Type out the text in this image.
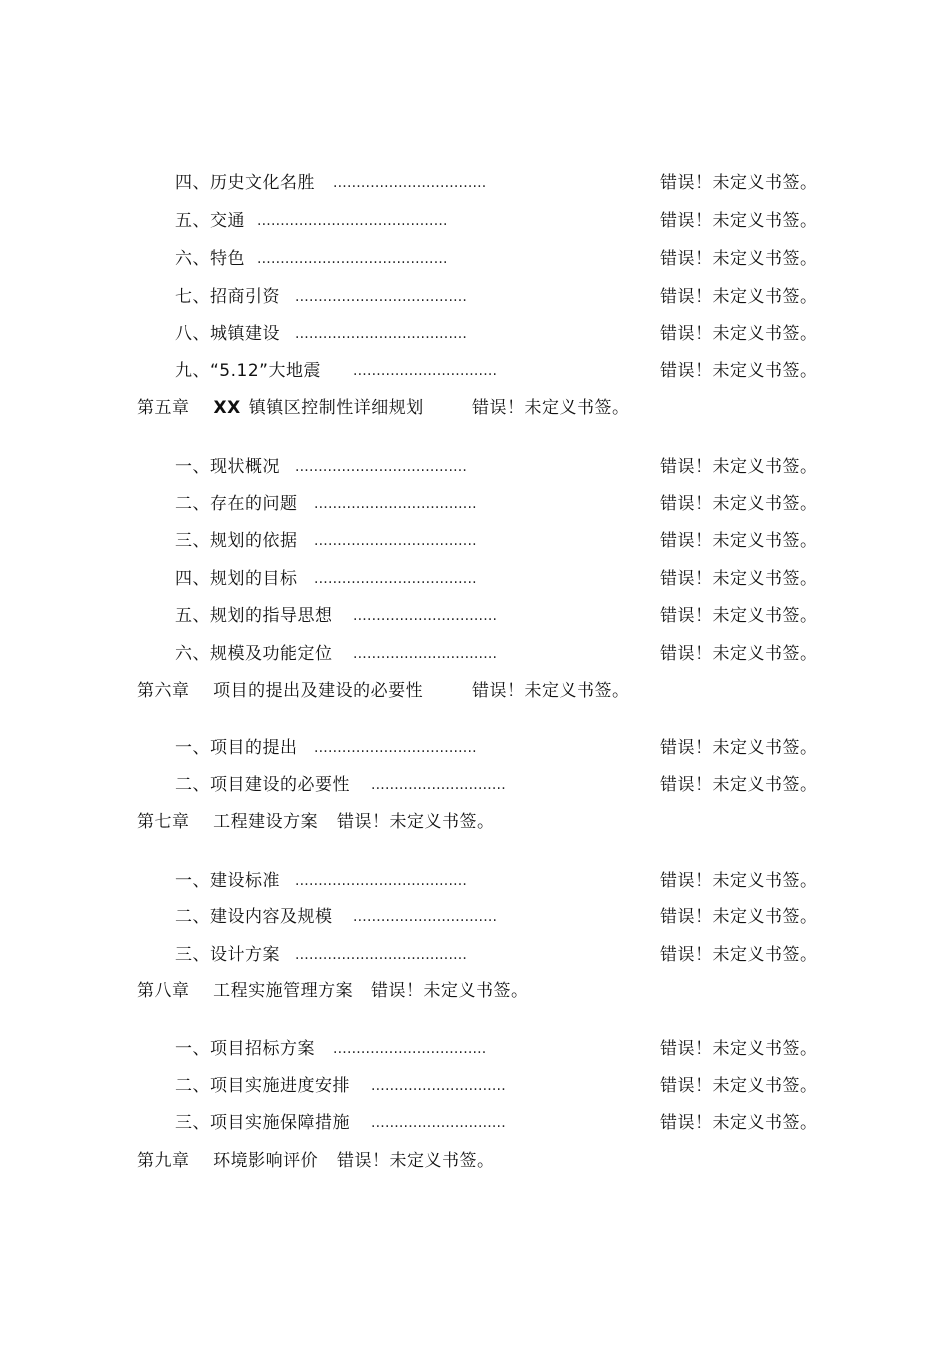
四、历史文化名胜 .................................	错误！未定义书签。
五、交通 .........................................	错误！未定义书签。
六、特色 .........................................	错误！未定义书签。
七、招商引资 .....................................	错误！未定义书签。
八、城镇建设 .....................................	错误！未定义书签。
九、“5.12”大地震 ...............................	错误！未定义书签。
第五章 XX 镇镇区控制性详细规划	错误！未定义书签。
一、现状概况 .....................................	错误！未定义书签。
二、存在的问题 ...................................	错误！未定义书签。
三、规划的依据 ...................................	错误！未定义书签。
四、规划的目标 ...................................	错误！未定义书签。
五、规划的指导思想 ...............................	错误！未定义书签。
六、规模及功能定位 ...............................	错误！未定义书签。
第六章    项目的提出及建设的必要性	错误！未定义书签。
一、项目的提出 ...................................	错误！未定义书签。
二、项目建设的必要性 .............................	错误！未定义书签。
第七章    工程建设方案 错误！未定义书签。
一、建设标准 .....................................	错误！未定义书签。
二、建设内容及规模 ...............................	错误！未定义书签。
三、设计方案 .....................................	错误！未定义书签。
第八章    工程实施管理方案 错误！未定义书签。
一、项目招标方案 .................................	错误！未定义书签。
二、项目实施进度安排 .............................	错误！未定义书签。
三、项目实施保障措施 .............................	错误！未定义书签。
第九章    环境影响评价 错误！未定义书签。
